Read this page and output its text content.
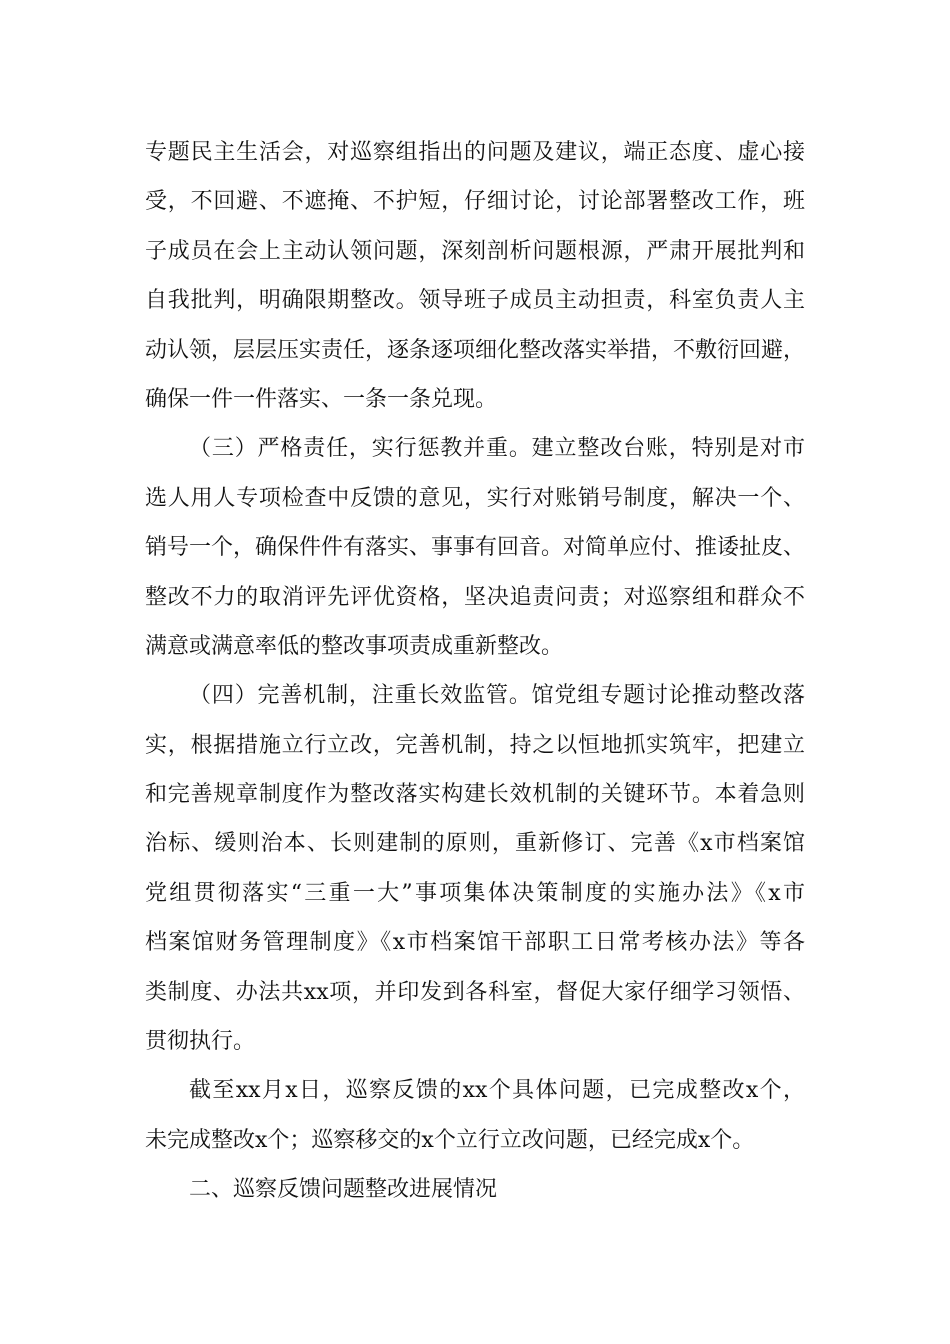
专题民主生活会，对巡察组指出的问题及建议，端正态度、虚心接
受，不回避、不遮掩、不护短，仔细讨论，讨论部署整改工作，班
子成员在会上主动认领问题，深刻剖析问题根源，严肃开展批判和
自我批判，明确限期整改。领导班子成员主动担责，科室负责人主
动认领，层层压实责任，逐条逐项细化整改落实举措，不敷衍回避，
确保一件一件落实、一条一条兑现。
（三）严格责任，实行惩教并重。建立整改台账，特别是对市
选人用人专项检查中反馈的意见，实行对账销号制度，解决一个、
销号一个，确保件件有落实、事事有回音。对简单应付、推诿扯皮、
整改不力的取消评先评优资格，坚决追责问责；对巡察组和群众不
满意或满意率低的整改事项责成重新整改。
（四）完善机制，注重长效监管。馆党组专题讨论推动整改落
实，根据措施立行立改，完善机制，持之以恒地抓实筑牢，把建立
和完善规章制度作为整改落实构建长效机制的关键环节。本着急则
治标、缓则治本、长则建制的原则，重新修订、完善《x市档案馆
党组贯彻落实“三重一大”事项集体决策制度的实施办法》《x市
档案馆财务管理制度》《x市档案馆干部职工日常考核办法》等各
类制度、办法共xx项，并印发到各科室，督促大家仔细学习领悟、
贯彻执行。
截至xx月x日，巡察反馈的xx个具体问题，已完成整改x个，
未完成整改x个；巡察移交的x个立行立改问题，已经完成x个。
二、巡察反馈问题整改进展情况
